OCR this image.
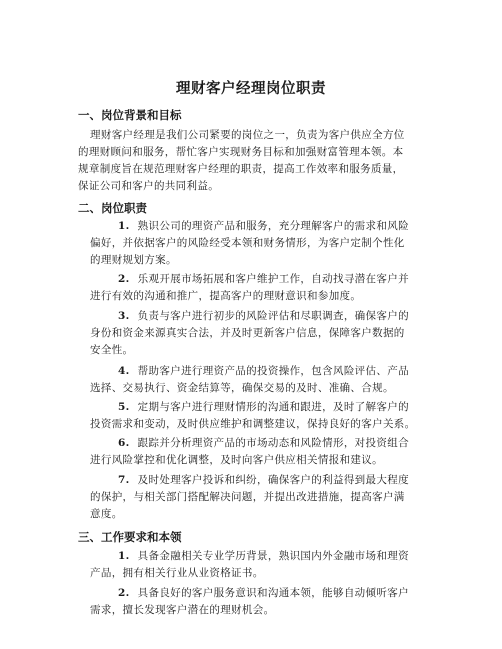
理财客户经理岗位职责
一、岗位背景和目标
理财客户经理是我们公司紧要的岗位之一，负责为客户供应全方位
的理财顾问和服务，帮忙客户实现财务目标和加强财富管理本领。本
规章制度旨在规范理财客户经理的职责，提高工作效率和服务质量，
保证公司和客户的共同利益。
二、岗位职责
1. 熟识公司的理资产品和服务，充分理解客户的需求和风险
偏好，并依据客户的风险经受本领和财务情形，为客户定制个性化
的理财规划方案。
2. 乐观开展市场拓展和客户维护工作，自动找寻潜在客户并
进行有效的沟通和推广，提高客户的理财意识和参加度。
3. 负责与客户进行初步的风险评估和尽职调查，确保客户的
身份和资金来源真实合法，并及时更新客户信息，保障客户数据的
安全性。
4. 帮助客户进行理资产品的投资操作，包含风险评估、产品
选择、交易执行、资金结算等，确保交易的及时、准确、合规。
5. 定期与客户进行理财情形的沟通和跟进，及时了解客户的
投资需求和变动，及时供应维护和调整建议，保持良好的客户关系。
6. 跟踪并分析理资产品的市场动态和风险情形，对投资组合
进行风险掌控和优化调整，及时向客户供应相关情报和建议。
7. 及时处理客户投诉和纠纷，确保客户的利益得到最大程度
的保护，与相关部门搭配解决问题，并提出改进措施，提高客户满
意度。
三、工作要求和本领
1. 具备金融相关专业学历背景，熟识国内外金融市场和理资
产品，拥有相关行业从业资格证书。
2. 具备良好的客户服务意识和沟通本领，能够自动倾听客户
需求，擅长发现客户潜在的理财机会。
